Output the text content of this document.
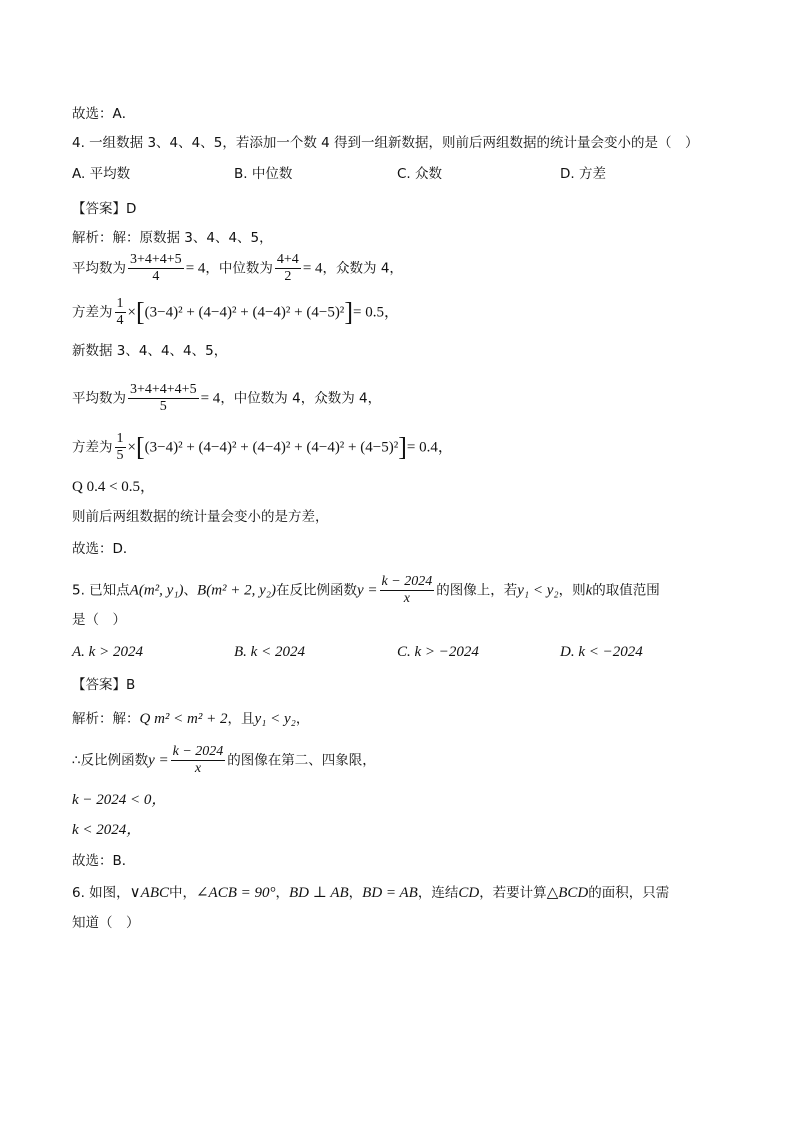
故选：A．
4. 一组数据 3、4、4、5，若添加一个数 4 得到一组新数据，则前后两组数据的统计量会变小的是（　）
A. 平均数	B. 中位数	C. 众数	D. 方差
【答案】D
解析：解：原数据 3、4、4、5，
平均数为 $\frac{3+4+4+5}{4} = 4$，中位数为 $\frac{4+4}{2} = 4$，众数为 4，
方差为 $\frac{1}{4} \times[(3-4)^2 + (4-4)^2 + (4-4)^2 + (4-5)^2]= 0.5$，
新数据 3、4、4、4、5，
平均数为 $\frac{3+4+4+4+5}{5} = 4$，中位数为 4，众数为 4，
方差为 $\frac{1}{5} \times[(3-4)^2 + (4-4)^2 + (4-4)^2 + (4-4)^2 + (4-5)^2]= 0.4$，
Q 0.4 < 0.5，
则前后两组数据的统计量会变小的是方差，
故选：D．
5. 已知点A(m², y₁)、B(m² + 2, y₂)在反比例函数$y = \frac{k - 2024}{x}$ 的图像上，若y₁ < y₂，则k的取值范围
是（　）
A. k > 2024	B. k < 2024	C. k > −2024	D. k < −2024
【答案】B
解析：解：Q m² < m² + 2，且y₁ < y₂，
∴反比例函数$y = \frac{k - 2024}{x}$ 的图像在第二、四象限，
k − 2024 < 0，
k < 2024，
故选：B．
6. 如图，∨ABC中，∠ACB = 90°，BD ⊥ AB，BD = AB，连结CD，若要计算△BCD的面积，只需
知道（　）
